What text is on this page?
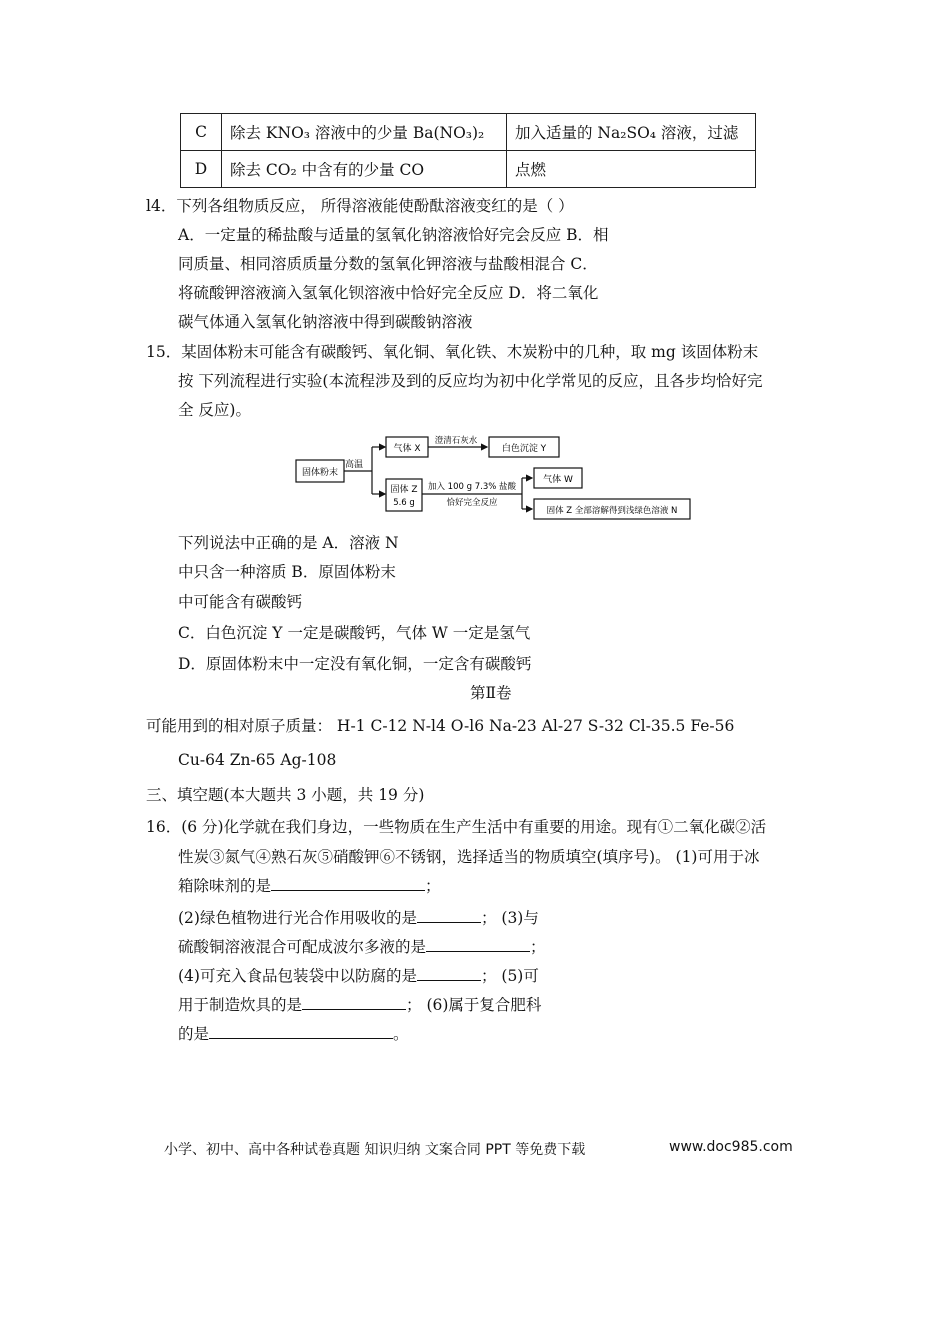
C	除去 KNO₃ 溶液中的少量 Ba(NO₃)₂	加入适量的 Na₂SO₄ 溶液，过滤
D	除去 CO₂ 中含有的少量 CO	点燃
l4．下列各组物质反应， 所得溶液能使酚酞溶液变红的是（ ）
A．一定量的稀盐酸与适量的氢氧化钠溶液恰好完会反应 B．相
同质量、相同溶质质量分数的氢氧化钾溶液与盐酸相混合 C．
将硫酸钾溶液滴入氢氧化钡溶液中恰好完全反应 D．将二氧化
碳气体通入氢氧化钠溶液中得到碳酸钠溶液
15．某固体粉末可能含有碳酸钙、氧化铜、氧化铁、木炭粉中的几种，取 mg 该固体粉末
按 下列流程进行实验(本流程涉及到的反应均为初中化学常见的反应，且各步均恰好完
全 反应)。
固体粉末
高温
气体 X
澄清石灰水
白色沉淀 Y
固体 Z
5.6 g
加入 100 g 7.3% 盐酸
恰好完全反应
气体 W
固体 Z 全部溶解得到浅绿色溶液 N
下列说法中正确的是 A．溶液 N
中只含一种溶质 B．原固体粉末
中可能含有碳酸钙
C．白色沉淀 Y 一定是碳酸钙，气体 W 一定是氢气
D．原固体粉末中一定没有氧化铜，一定含有碳酸钙
第Ⅱ卷
可能用到的相对原子质量： H-1 C-12 N-l4 O-l6 Na-23 Al-27 S-32 Cl-35.5 Fe-56
Cu-64 Zn-65 Ag-108
三、填空题(本大题共 3 小题，共 19 分)
16．(6 分)化学就在我们身边，一些物质在生产生活中有重要的用途。现有①二氧化碳②活
性炭③氮气④熟石灰⑤硝酸钾⑥不锈钢，选择适当的物质填空(填序号)。 (1)可用于冰
箱除味剂的是	；
(2)绿色植物进行光合作用吸收的是	； (3)与
硫酸铜溶液混合可配成波尔多液的是	；
(4)可充入食品包装袋中以防腐的是	； (5)可
用于制造炊具的是	； (6)属于复合肥科
的是	。
小学、初中、高中各种试卷真题 知识归纳 文案合同 PPT 等免费下载	www.doc985.com
